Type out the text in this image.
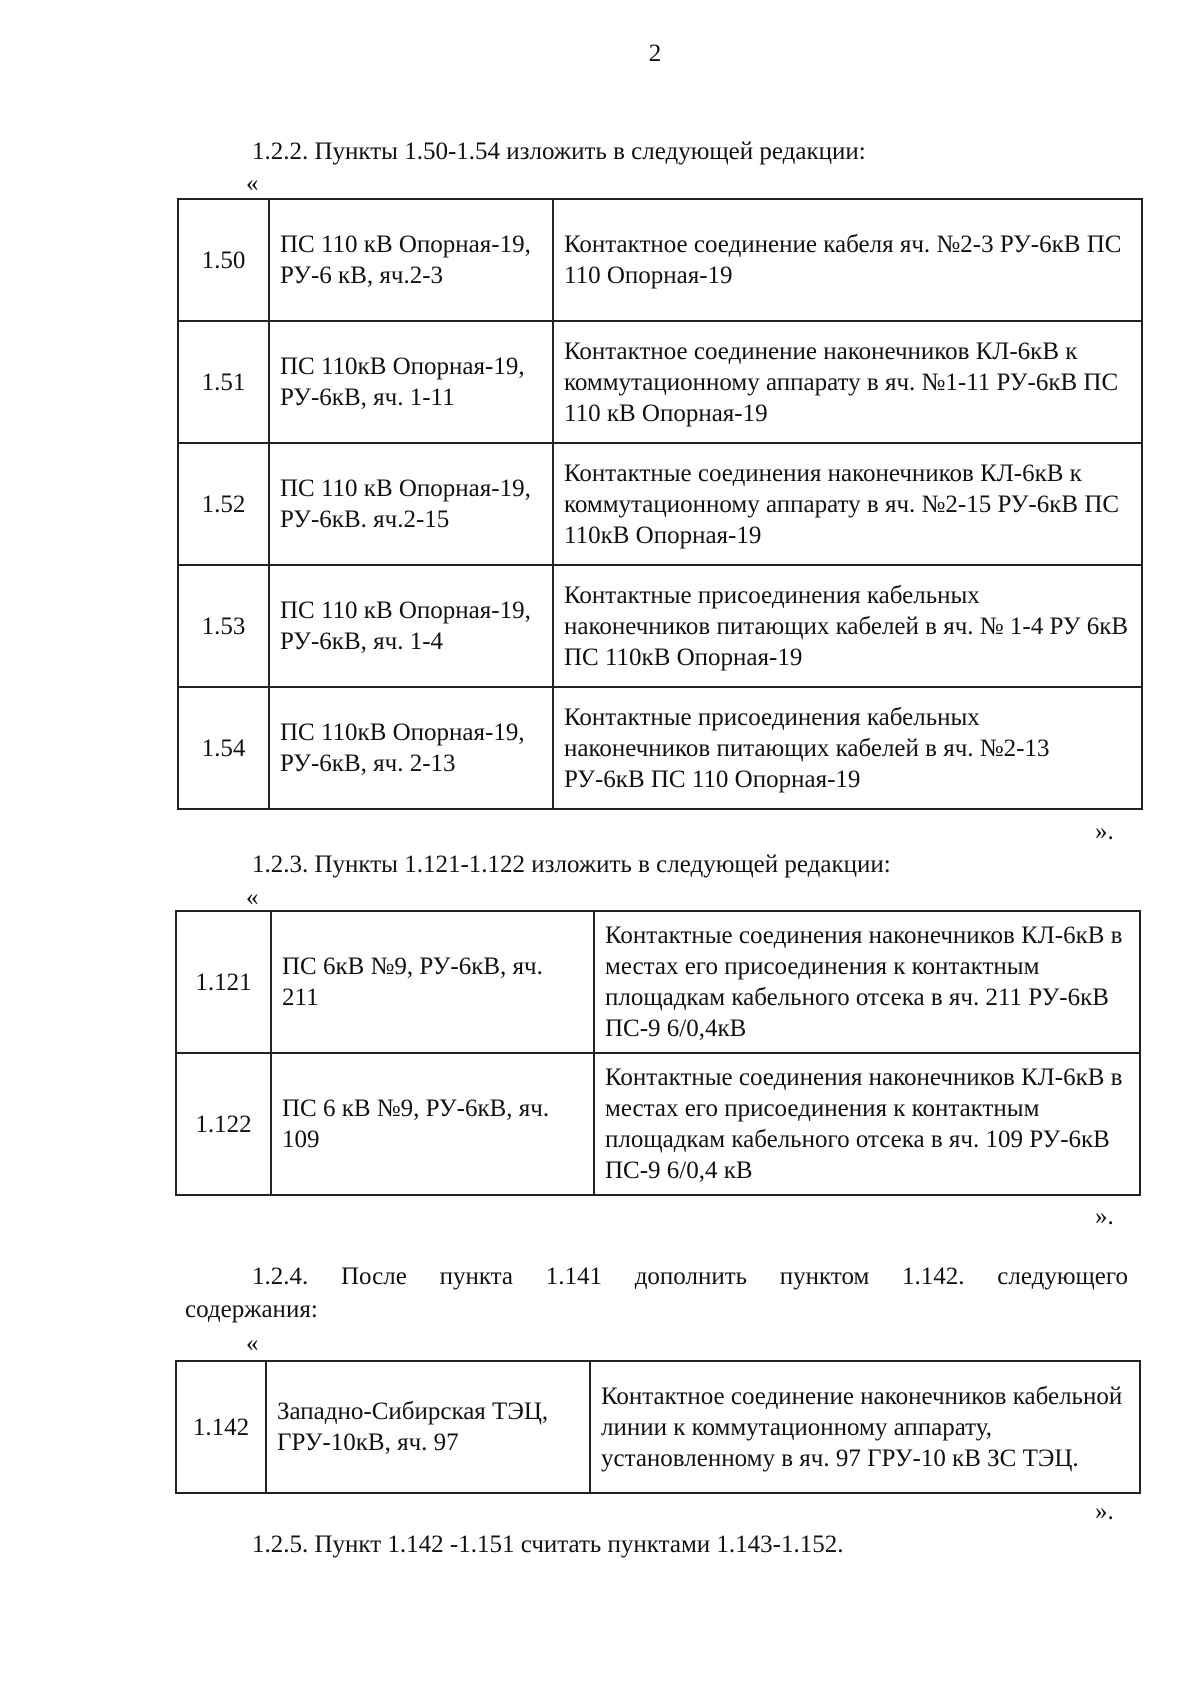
2
1.2.2. Пункты 1.50-1.54 изложить в следующей редакции:
«
1.50	ПС 110 кВ Опорная-19, РУ-6 кВ, яч.2-3	Контактное соединение кабеля яч. №2-3 РУ-6кВ ПС 110 Опорная-19
1.51	ПС 110кВ Опорная-19, РУ-6кВ, яч. 1-11	Контактное соединение наконечников КЛ-6кВ к коммутационному аппарату в яч. №1-11 РУ-6кВ ПС 110 кВ Опорная-19
1.52	ПС 110 кВ Опорная-19, РУ-6кВ. яч.2-15	Контактные соединения наконечников КЛ-6кВ к коммутационному аппарату в яч. №2-15 РУ-6кВ ПС 110кВ Опорная-19
1.53	ПС 110 кВ Опорная-19, РУ-6кВ, яч. 1-4	Контактные присоединения кабельных наконечников питающих кабелей в яч. № 1-4 РУ 6кВ ПС 110кВ Опорная-19
1.54	ПС 110кВ Опорная-19, РУ-6кВ, яч. 2-13	Контактные присоединения кабельных наконечников питающих кабелей в яч. №2-13 РУ-6кВ ПС 110 Опорная-19
».
1.2.3. Пункты 1.121-1.122 изложить в следующей редакции:
«
1.121	ПС 6кВ №9, РУ-6кВ, яч. 211	Контактные соединения наконечников КЛ-6кВ в местах его присоединения к контактным площадкам кабельного отсека в яч. 211 РУ-6кВ ПС-9 6/0,4кВ
1.122	ПС 6 кВ №9, РУ-6кВ, яч. 109	Контактные соединения наконечников КЛ-6кВ в местах его присоединения к контактным площадкам кабельного отсека в яч. 109 РУ-6кВ ПС-9 6/0,4 кВ
».
1.2.4. После пункта 1.141 дополнить пунктом 1.142. следующего
содержания:
«
1.142	Западно-Сибирская ТЭЦ, ГРУ-10кВ, яч. 97	Контактное соединение наконечников кабельной линии к коммутационному аппарату, установленному в яч. 97 ГРУ-10 кВ ЗС ТЭЦ.
».
1.2.5. Пункт 1.142 -1.151 считать пунктами 1.143-1.152.
